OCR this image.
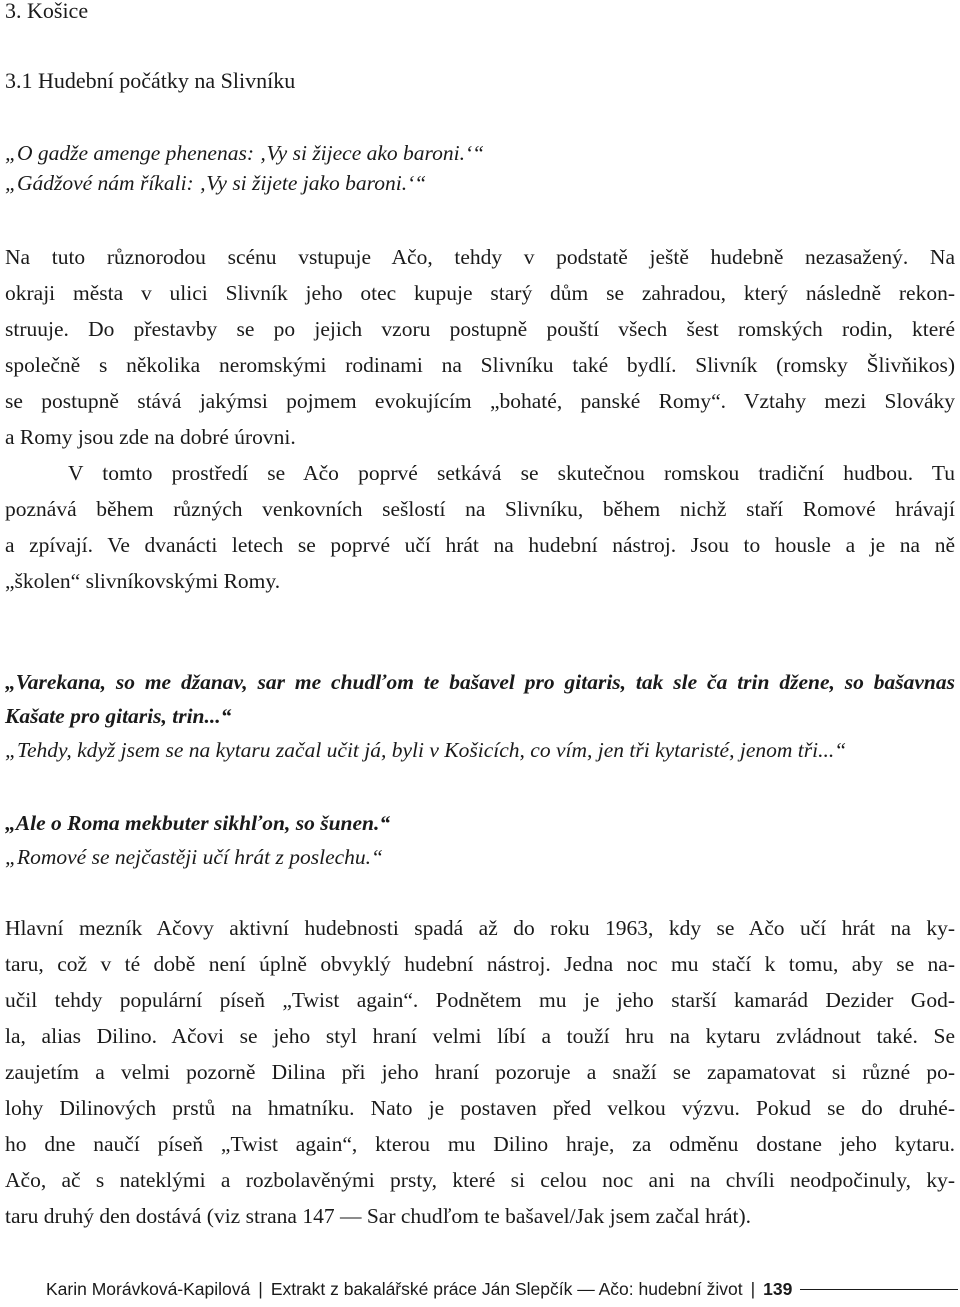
3. Košice
3.1 Hudební počátky na Slivníku
„O gadže amenge phenenas: ‚Vy si žijece ako baroni.‘“
„Gádžové nám říkali: ‚Vy si žijete jako baroni.‘“
Na tuto různorodou scénu vstupuje Ačo, tehdy v podstatě ještě hudebně nezasažený. Na
okraji města v ulici Slivník jeho otec kupuje starý dům se zahradou, který následně rekon-
struuje. Do přestavby se po jejich vzoru postupně pouští všech šest romských rodin, které
společně s několika neromskými rodinami na Slivníku také bydlí. Slivník (romsky Šlivňikos)
se postupně stává jakýmsi pojmem evokujícím „bohaté, panské Romy“. Vztahy mezi Slováky
a Romy jsou zde na dobré úrovni.
V tomto prostředí se Ačo poprvé setkává se skutečnou romskou tradiční hudbou. Tu
poznává během různých venkovních sešlostí na Slivníku, během nichž staří Romové hrávají
a zpívají. Ve dvanácti letech se poprvé učí hrát na hudební nástroj. Jsou to housle a je na ně
„školen“ slivníkovskými Romy.
„Varekana, so me džanav, sar me chudľom te bašavel pro gitaris, tak sle ča trin džene, so bašavnas
Kašate pro gitaris, trin...“
„Tehdy, když jsem se na kytaru začal učit já, byli v Košicích, co vím, jen tři kytaristé, jenom tři...“
„Ale o Roma mekbuter sikhľon, so šunen.“
„Romové se nejčastěji učí hrát z poslechu.“
Hlavní mezník Ačovy aktivní hudebnosti spadá až do roku 1963, kdy se Ačo učí hrát na ky-
taru, což v té době není úplně obvyklý hudební nástroj. Jedna noc mu stačí k tomu, aby se na-
učil tehdy populární píseň „Twist again“. Podnětem mu je jeho starší kamarád Dezider God-
la, alias Dilino. Ačovi se jeho styl hraní velmi líbí a touží hru na kytaru zvládnout také. Se
zaujetím a velmi pozorně Dilina při jeho hraní pozoruje a snaží se zapamatovat si různé po-
lohy Dilinových prstů na hmatníku. Nato je postaven před velkou výzvu. Pokud se do druhé-
ho dne naučí píseň „Twist again“, kterou mu Dilino hraje, za odměnu dostane jeho kytaru.
Ačo, ač s nateklými a rozbolavěnými prsty, které si celou noc ani na chvíli neodpočinuly, ky-
taru druhý den dostává (viz strana 147 — Sar chudľom te bašavel/Jak jsem začal hrát).
Karin Morávková-Kapilová | Extrakt z bakalářské práce Ján Slepčík — Ačo: hudební život | 139
